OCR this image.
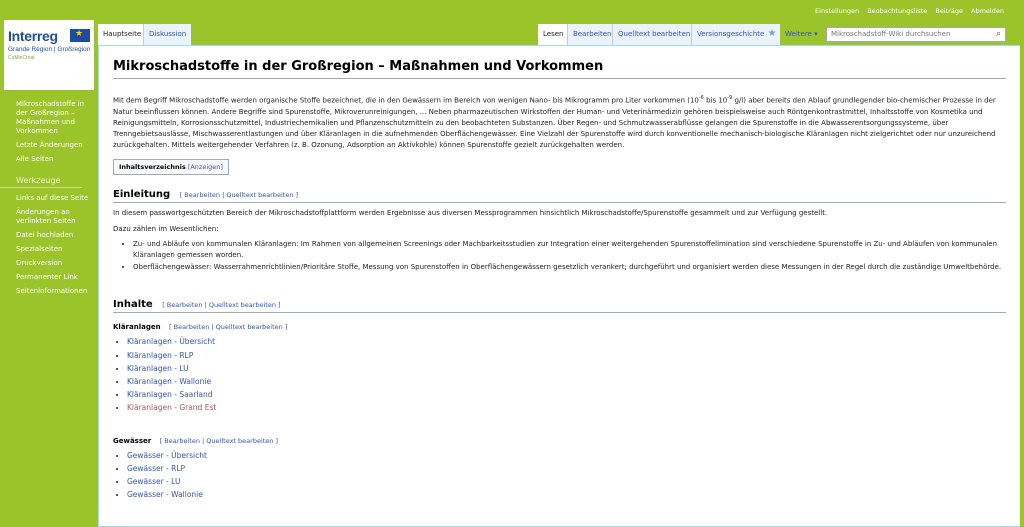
Interreg
★
Grande Région | Großregion
CoMinCreat
Mikroschadstoffe in der Großregion – Maßnahmen und Vorkommen
Letzte Änderungen
Alle Seiten
Werkzeuge
Links auf diese Seite
Änderungen an verlinkten Seiten
Datei hochladen
Spezialseiten
Druckversion
Permanenter Link
Seiteninformationen
Einstellungen Beobachtungsliste Beiträge Abmelden
Hauptseite	Diskussion	Lesen	Bearbeiten Quelltext bearbeiten Versionsgeschichte ★	Weitere ▾	Mikroschadstoff-Wiki durchsuchen	⌕
Mikroschadstoffe in der Großregion – Maßnahmen und Vorkommen

Mit dem Begriff Mikroschadstoffe werden organische Stoffe bezeichnet, die in den Gewässern im Bereich von wenigen Nano- bis Mikrogramm pro Liter vorkommen ($10^{-6}$ bis $10^{-9}$ g/l) aber bereits den Ablauf grundlegender bio-chemischer Prozesse in der Natur beeinflussen können. Andere Begriffe sind Spurenstoffe, Mikroverunreinigungen, ... Neben pharmazeutischen Wirkstoffen der Human- und Veterinärmedizin gehören beispielsweise auch Röntgenkontrastmittel, Inhaltsstoffe von Kosmetika und Reinigungsmitteln, Korrosionsschutzmittel, Industriechemikalien und Pflanzenschutzmitteln zu den beobachteten Substanzen. Über Regen- und Schmutzwasserabflüsse gelangen die Spurenstoffe in die Abwasserentsorgungssysteme, über Trenngebietsauslässe, Mischwasserentlastungen und über Kläranlagen in die aufnehmenden Oberflächengewässer. Eine Vielzahl der Spurenstoffe wird durch konventionelle mechanisch-biologische Kläranlagen nicht zielgerichtet oder nur unzureichend zurückgehalten. Mittels weitergehender Verfahren (z. B. Ozonung, Adsorption an Aktivkohle) können Spurenstoffe gezielt zurückgehalten werden.

Inhaltsverzeichnis [Anzeigen]
Einleitung [ Bearbeiten | Quelltext bearbeiten ]

In diesem passwortgeschützten Bereich der Mikroschadstoffplattform werden Ergebnisse aus diversen Messprogrammen hinsichtlich Mikroschadstoffe/Spurenstoffe gesammelt und zur Verfügung gestellt.

Dazu zählen im Wesentlichen:

• Zu- und Abläufe von kommunalen Kläranlagen: Im Rahmen von allgemeinen Screenings oder Machbarkeitsstudien zur Integration einer weitergehenden Spurenstoffelimination sind verschiedene Spurenstoffe in Zu- und Abläufen von kommunalen Kläranlagen gemessen worden.
• Oberflächengewässer: Wasserrahmenrichtlinien/Prioritäre Stoffe, Messung von Spurenstoffen in Oberflächengewässern gesetzlich verankert; durchgeführt und organisiert werden diese Messungen in der Regel durch die zuständige Umweltbehörde.
Inhalte [ Bearbeiten | Quelltext bearbeiten ]
Kläranlagen [ Bearbeiten | Quelltext bearbeiten ]
• Kläranlagen - Übersicht
• Kläranlagen - RLP
• Kläranlagen - LU
• Kläranlagen - Wallonie
• Kläranlagen - Saarland
• Kläranlagen - Grand Est
Gewässer [ Bearbeiten | Quelltext bearbeiten ]
• Gewässer - Übersicht
• Gewässer - RLP
• Gewässer - LU
• Gewässer - Wallonie
